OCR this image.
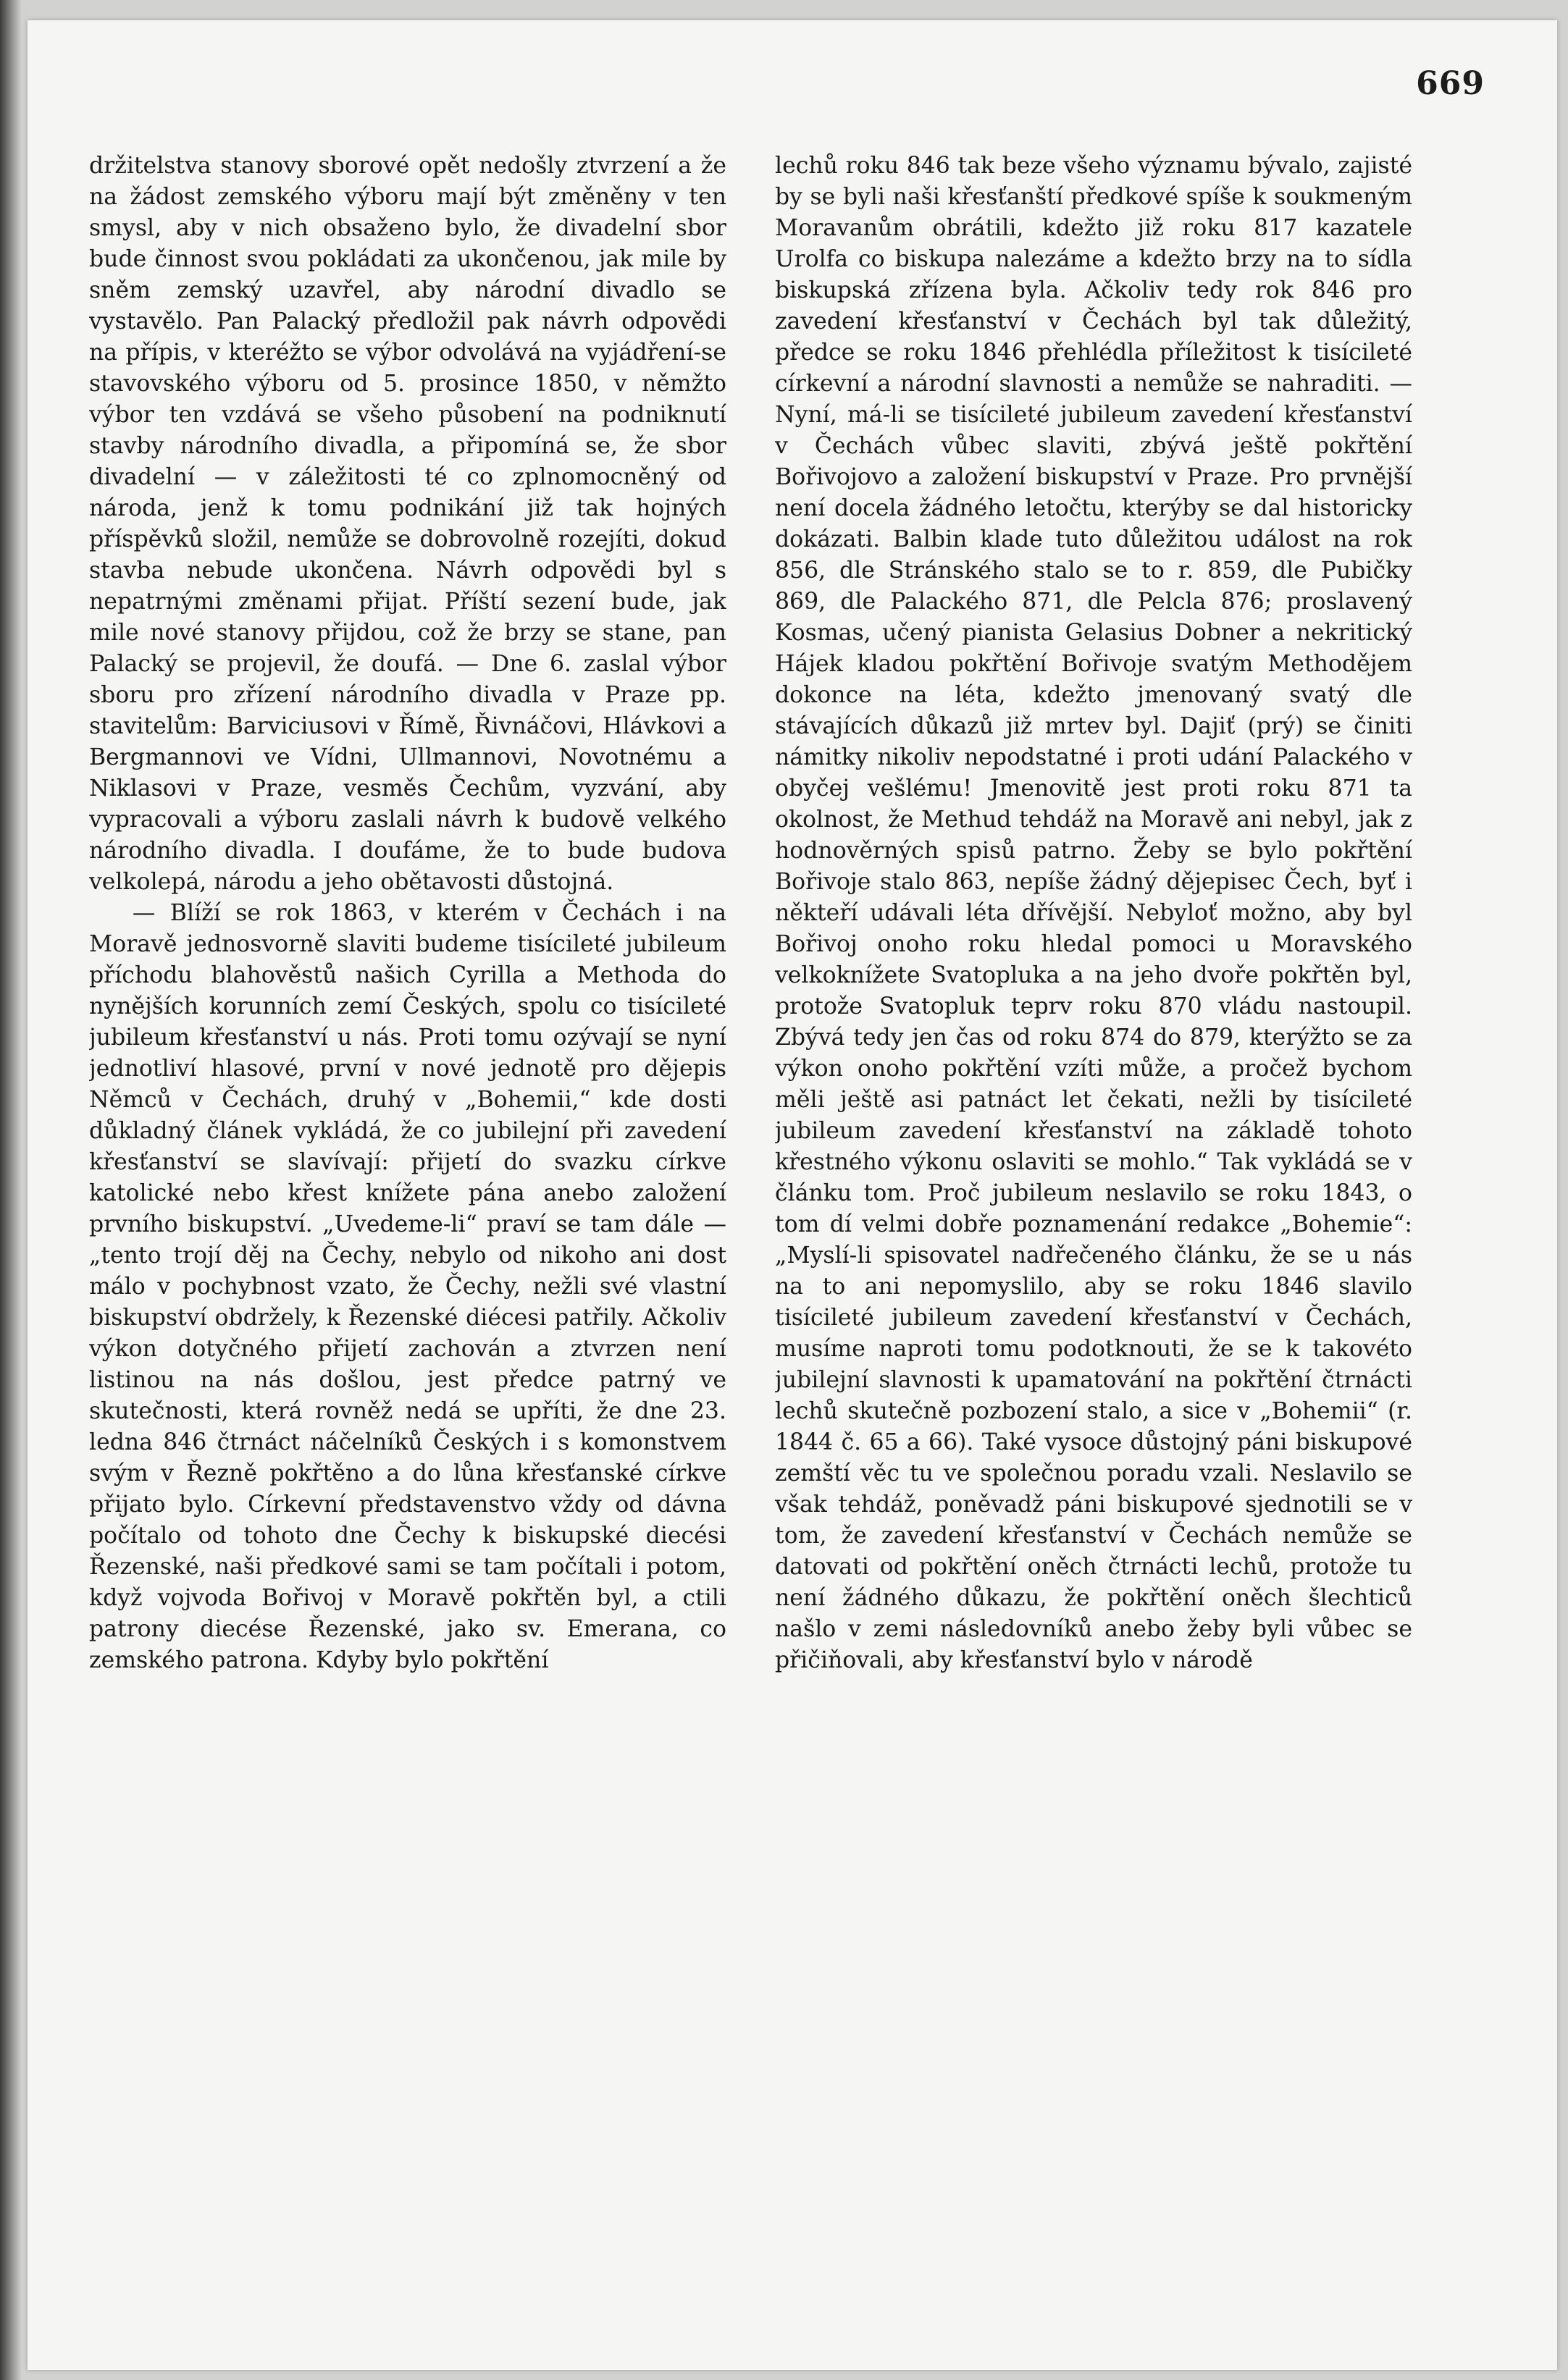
669

držitelstva stanovy sborové opět nedošly ztvrzení a že na žádost zemského výboru mají být změněny v ten smysl, aby v nich obsaženo bylo, že divadelní sbor bude činnost svou pokládati za ukončenou, jak mile by sněm zemský uzavřel, aby národní divadlo se vystavělo. Pan Palacký předložil pak návrh odpovědi na přípis, v kteréžto se výbor odvolává na vyjádření-se stavovského výboru od 5. prosince 1850, v němžto výbor ten vzdává se všeho působení na podniknutí stavby národního divadla, a připomíná se, že sbor divadelní — v záležitosti té co zplnomocněný od národa, jenž k tomu podnikání již tak hojných příspěvků složil, nemůže se dobrovolně rozejíti, dokud stavba nebude ukončena. Návrh odpovědi byl s nepatrnými změnami přijat. Příští sezení bude, jak mile nové stanovy přijdou, což že brzy se stane, pan Palacký se projevil, že doufá. — Dne 6. zaslal výbor sboru pro zřízení národního divadla v Praze pp. stavitelům: Barviciusovi v Římě, Řivnáčovi, Hlávkovi a Bergmannovi ve Vídni, Ullmannovi, Novotnému a Niklasovi v Praze, vesměs Čechům, vyzvání, aby vypracovali a výboru zaslali návrh k budově velkého národního divadla. I doufáme, že to bude budova velkolepá, národu a jeho obětavosti důstojná.

— Blíží se rok 1863, v kterém v Čechách i na Moravě jednosvorně slaviti budeme tisícileté jubileum příchodu blahověstů našich Cyrilla a Methoda do nynějších korunních zemí Českých, spolu co tisícileté jubileum křesťanství u nás. Proti tomu ozývají se nyní jednotliví hlasové, první v nové jednotě pro dějepis Němců v Čechách, druhý v „Bohemii,“ kde dosti důkladný článek vykládá, že co jubilejní při zavedení křesťanství se slavívají: přijetí do svazku církve katolické nebo křest knížete pána anebo založení prvního biskupství. „Uvedeme-li“ praví se tam dále — „tento trojí děj na Čechy, nebylo od nikoho ani dost málo v pochybnost vzato, že Čechy, nežli své vlastní biskupství obdržely, k Řezenské diécesi patřily. Ačkoliv výkon dotyčného přijetí zachován a ztvrzen není listinou na nás došlou, jest předce patrný ve skutečnosti, která rovněž nedá se upříti, že dne 23. ledna 846 čtrnáct náčelníků Českých i s komonstvem svým v Řezně pokřtěno a do lůna křesťanské církve přijato bylo. Církevní představenstvo vždy od dávna počítalo od tohoto dne Čechy k biskupské diecési Řezenské, naši předkové sami se tam počítali i potom, když vojvoda Bořivoj v Moravě pokřtěn byl, a ctili patrony diecése Řezenské, jako sv. Emerana, co zemského patrona. Kdyby bylo pokřtění

lechů roku 846 tak beze všeho významu bývalo, zajisté by se byli naši křesťanští předkové spíše k soukmeným Moravanům obrátili, kdežto již roku 817 kazatele Urolfa co biskupa nalezáme a kdežto brzy na to sídla biskupská zřízena byla. Ačkoliv tedy rok 846 pro zavedení křesťanství v Čechách byl tak důležitý, předce se roku 1846 přehlédla příležitost k tisícileté církevní a národní slavnosti a nemůže se nahraditi. — Nyní, má-li se tisícileté jubileum zavedení křesťanství v Čechách vůbec slaviti, zbývá ještě pokřtění Bořivojovo a založení biskupství v Praze. Pro prvnější není docela žádného letočtu, kterýby se dal historicky dokázati. Balbin klade tuto důležitou událost na rok 856, dle Stránského stalo se to r. 859, dle Pubičky 869, dle Palackého 871, dle Pelcla 876; proslavený Kosmas, učený pianista Gelasius Dobner a nekritický Hájek kladou pokřtění Bořivoje svatým Methodějem dokonce na léta, kdežto jmenovaný svatý dle stávajících důkazů již mrtev byl. Dajiť (prý) se činiti námitky nikoliv nepodstatné i proti udání Palackého v obyčej vešlému! Jmenovitě jest proti roku 871 ta okolnost, že Methud tehdáž na Moravě ani nebyl, jak z hodnověrných spisů patrno. Žeby se bylo pokřtění Bořivoje stalo 863, nepíše žádný dějepisec Čech, byť i někteří udávali léta dřívější. Nebyloť možno, aby byl Bořivoj onoho roku hledal pomoci u Moravského velkoknížete Svatopluka a na jeho dvoře pokřtěn byl, protože Svatopluk teprv roku 870 vládu nastoupil. Zbývá tedy jen čas od roku 874 do 879, kterýžto se za výkon onoho pokřtění vzíti může, a pročež bychom měli ještě asi patnáct let čekati, nežli by tisícileté jubileum zavedení křesťanství na základě tohoto křestného výkonu oslaviti se mohlo.“ Tak vykládá se v článku tom. Proč jubileum neslavilo se roku 1843, o tom dí velmi dobře poznamenání redakce „Bohemie“: „Myslí-li spisovatel nadřečeného článku, že se u nás na to ani nepomyslilo, aby se roku 1846 slavilo tisícileté jubileum zavedení křesťanství v Čechách, musíme naproti tomu podotknouti, že se k takovéto jubilejní slavnosti k upamatování na pokřtění čtrnácti lechů skutečně pozbození stalo, a sice v „Bohemii“ (r. 1844 č. 65 a 66). Také vysoce důstojný páni biskupové zemští věc tu ve společnou poradu vzali. Neslavilo se však tehdáž, poněvadž páni biskupové sjednotili se v tom, že zavedení křesťanství v Čechách nemůže se datovati od pokřtění oněch čtrnácti lechů, protože tu není žádného důkazu, že pokřtění oněch šlechticů našlo v zemi následovníků anebo žeby byli vůbec se přičiňovali, aby křesťanství bylo v národě
